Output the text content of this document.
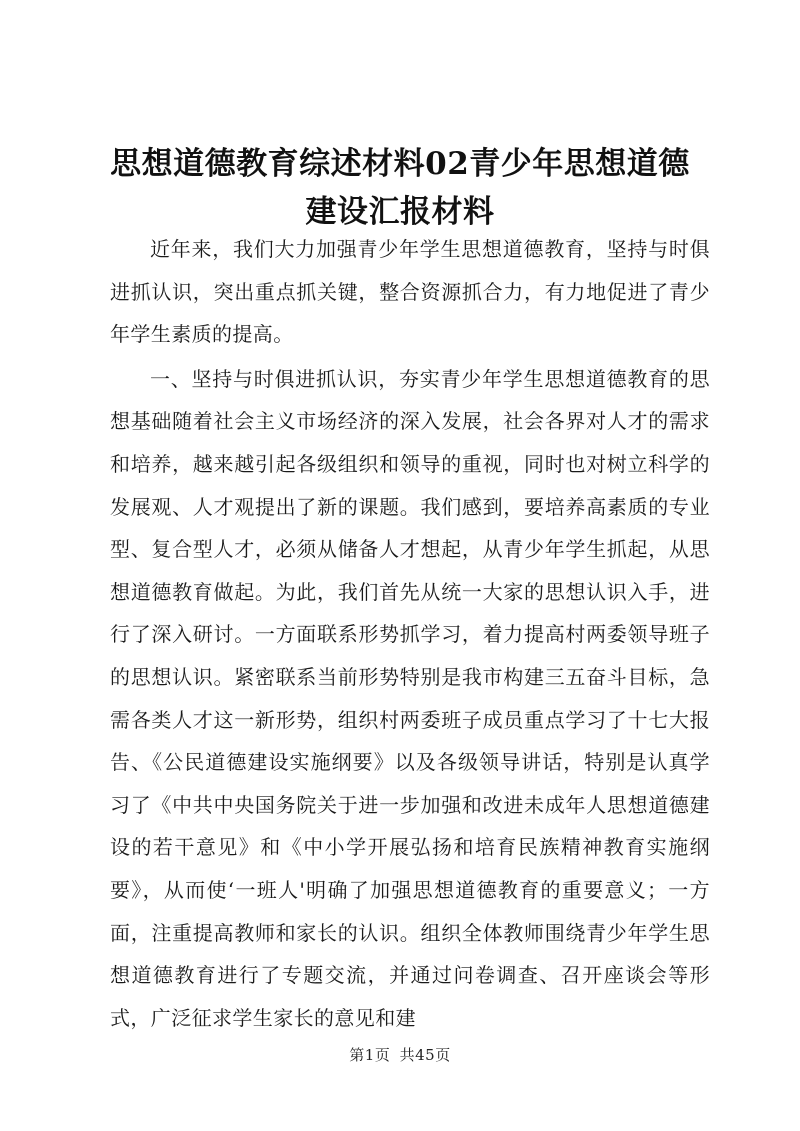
思想道德教育综述材料02青少年思想道德建设汇报材料

近年来，我们大力加强青少年学生思想道德教育，坚持与时俱进抓认识，突出重点抓关键，整合资源抓合力，有力地促进了青少年学生素质的提高。

一、坚持与时俱进抓认识，夯实青少年学生思想道德教育的思想基础随着社会主义市场经济的深入发展，社会各界对人才的需求和培养，越来越引起各级组织和领导的重视，同时也对树立科学的发展观、人才观提出了新的课题。我们感到，要培养高素质的专业型、复合型人才，必须从储备人才想起，从青少年学生抓起，从思想道德教育做起。为此，我们首先从统一大家的思想认识入手，进行了深入研讨。一方面联系形势抓学习，着力提高村两委领导班子的思想认识。紧密联系当前形势特别是我市构建三五奋斗目标，急需各类人才这一新形势，组织村两委班子成员重点学习了十七大报告、《公民道德建设实施纲要》以及各级领导讲话，特别是认真学习了《中共中央国务院关于进一步加强和改进未成年人思想道德建设的若干意见》和《中小学开展弘扬和培育民族精神教育实施纲要》，从而使‘一班人'明确了加强思想道德教育的重要意义；一方面，注重提高教师和家长的认识。组织全体教师围绕青少年学生思想道德教育进行了专题交流，并通过问卷调查、召开座谈会等形式，广泛征求学生家长的意见和建

第1页 共45页
